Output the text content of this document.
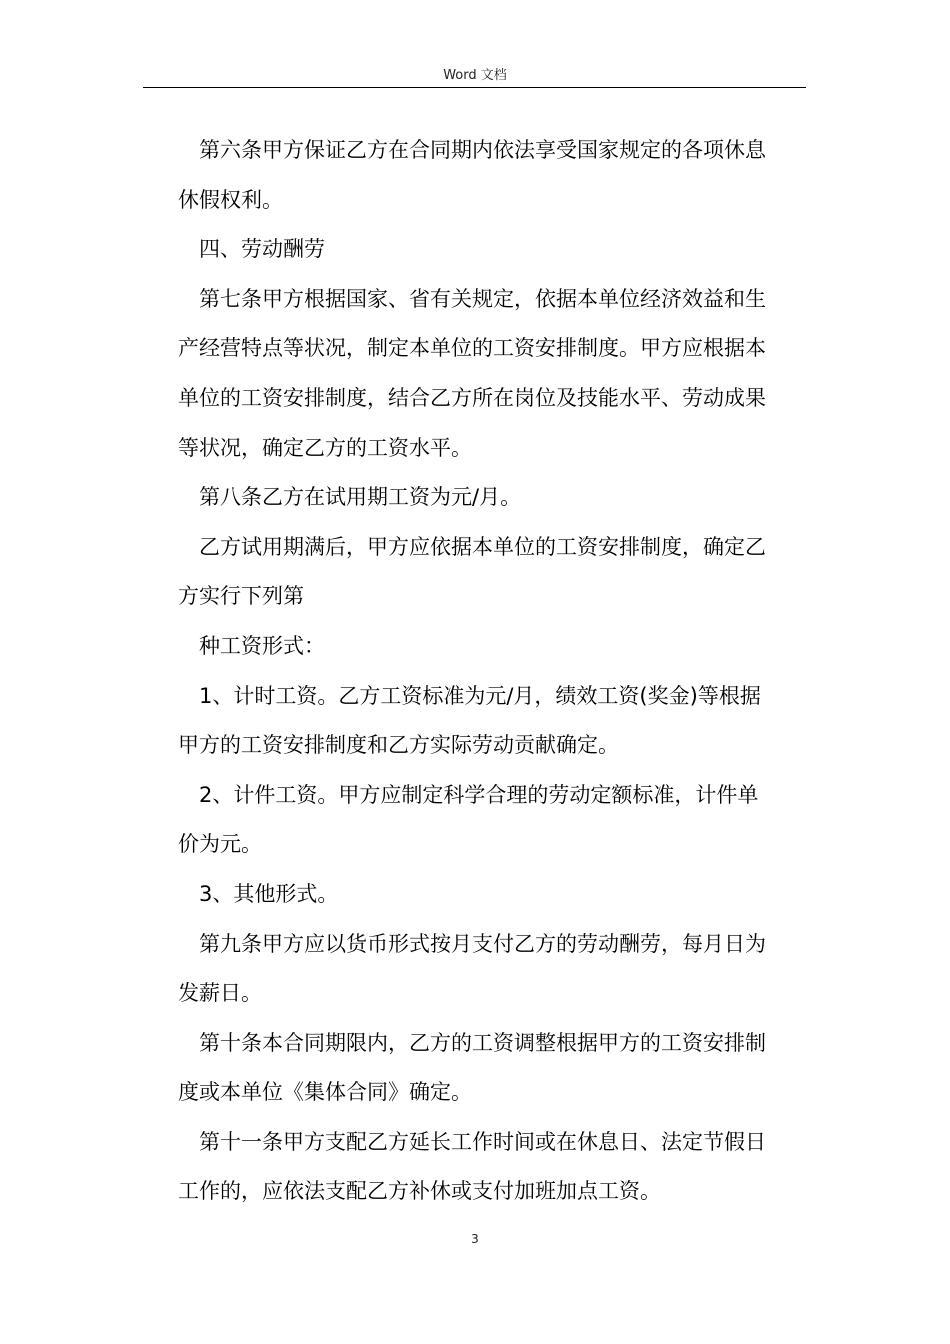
Word 文档
第六条甲方保证乙方在合同期内依法享受国家规定的各项休息
休假权利。
四、劳动酬劳
第七条甲方根据国家、省有关规定，依据本单位经济效益和生
产经营特点等状况，制定本单位的工资安排制度。甲方应根据本
单位的工资安排制度，结合乙方所在岗位及技能水平、劳动成果
等状况，确定乙方的工资水平。
第八条乙方在试用期工资为元/月。
乙方试用期满后，甲方应依据本单位的工资安排制度，确定乙
方实行下列第
种工资形式：
1、计时工资。乙方工资标准为元/月，绩效工资(奖金)等根据
甲方的工资安排制度和乙方实际劳动贡献确定。
2、计件工资。甲方应制定科学合理的劳动定额标准，计件单
价为元。
3、其他形式。
第九条甲方应以货币形式按月支付乙方的劳动酬劳，每月日为
发薪日。
第十条本合同期限内，乙方的工资调整根据甲方的工资安排制
度或本单位《集体合同》确定。
第十一条甲方支配乙方延长工作时间或在休息日、法定节假日
工作的，应依法支配乙方补休或支付加班加点工资。
3
